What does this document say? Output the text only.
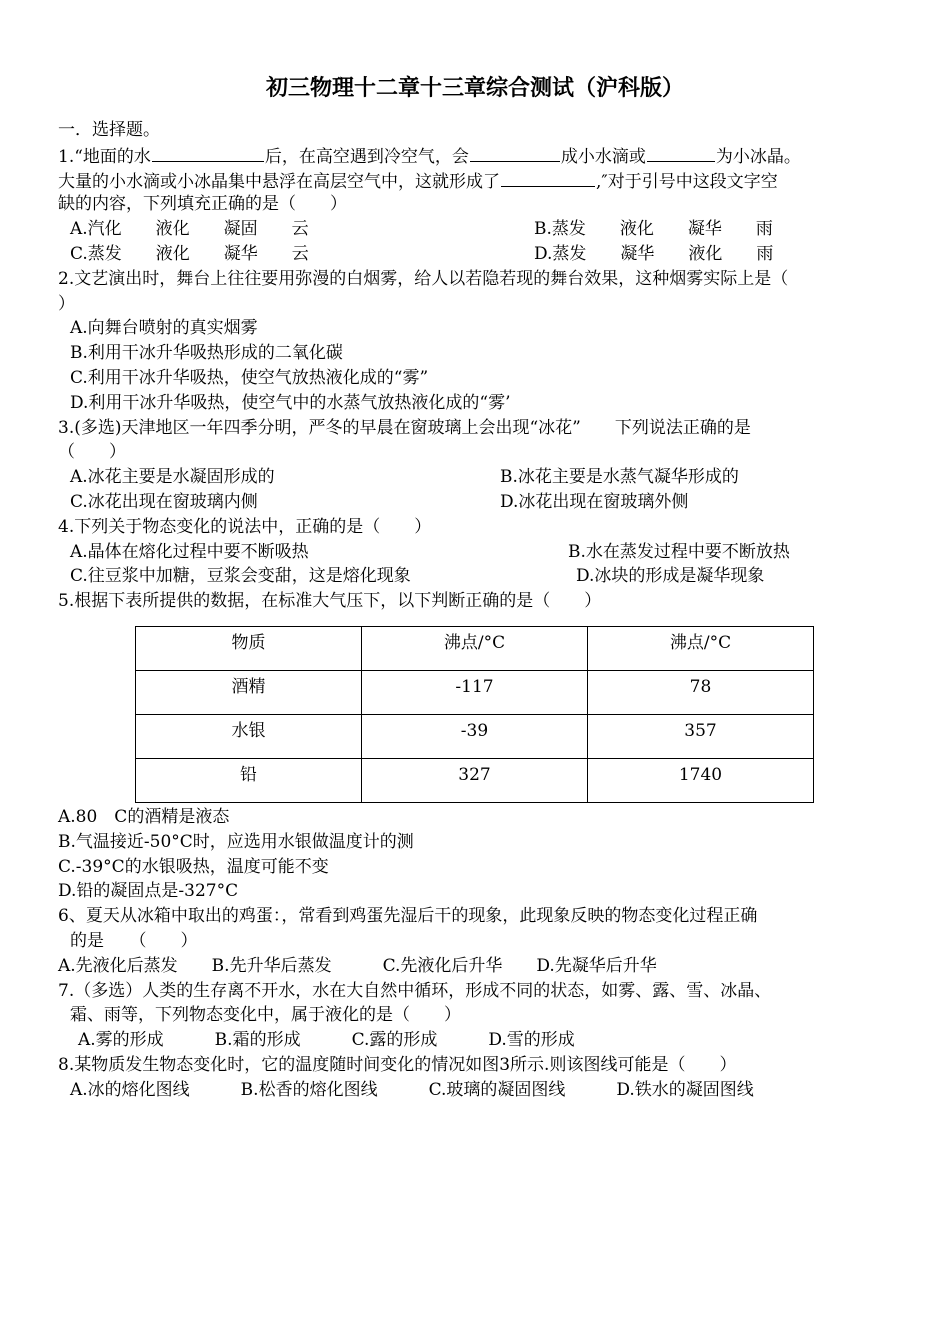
初三物理十二章十三章综合测试（沪科版）
一．选择题。
1.“地面的水	后，在高空遇到冷空气，会	成小水滴或	为小冰晶。
大量的小水滴或小冰晶集中悬浮在高层空气中，这就形成了	,″对于引号中这段文字空
缺的内容，下列填充正确的是（　　）
A.汽化　　液化　　凝固　　云	B.蒸发　　液化　　凝华　　雨
C.蒸发　　液化　　凝华　　云	D.蒸发　　凝华　　液化　　雨
2.文艺演出时，舞台上往往要用弥漫的白烟雾，给人以若隐若现的舞台效果，这种烟雾实际上是（
）
A.向舞台喷射的真实烟雾
B.利用干冰升华吸热形成的二氧化碳
C.利用干冰升华吸热，使空气放热液化成的“雾”
D.利用干冰升华吸热，使空气中的水蒸气放热液化成的“雾’
3.(多选)天津地区一年四季分明，严冬的早晨在窗玻璃上会出现“冰花”　　下列说法正确的是
（　　）
A.冰花主要是水凝固形成的	B.冰花主要是水蒸气凝华形成的
C.冰花出现在窗玻璃内侧	D.冰花出现在窗玻璃外侧
4.下列关于物态变化的说法中，正确的是（　　）
A.晶体在熔化过程中要不断吸热	B.水在蒸发过程中要不断放热
C.往豆浆中加糖，豆浆会变甜，这是熔化现象	D.冰块的形成是凝华现象
5.根据下表所提供的数据，在标准大气压下，以下判断正确的是（　　）
物质	沸点/°C	沸点/°C
酒精	-117	78
水银	-39	357
铅	327	1740
A.80　C的酒精是液态
B.气温接近-50°C时，应选用水银做温度计的测
C.-39°C的水银吸热，温度可能不变
D.铅的凝固点是-327°C
6、夏天从冰箱中取出的鸡蛋：，常看到鸡蛋先湿后干的现象，此现象反映的物态变化过程正确
的是　　（　　）
A.先液化后蒸发　　B.先升华后蒸发　　　C.先液化后升华　　D.先凝华后升华
7.（多选）人类的生存离不开水，水在大自然中循环，形成不同的状态，如雾、露、雪、冰晶、
霜、雨等，下列物态变化中，属于液化的是（　　）
A.雾的形成　　　B.霜的形成　　　C.露的形成　　　D.雪的形成
8.某物质发生物态变化时，它的温度随时间变化的情况如图3所示.则该图线可能是（　　）
A.冰的熔化图线　　　B.松香的熔化图线　　　C.玻璃的凝固图线　　　D.铁水的凝固图线
